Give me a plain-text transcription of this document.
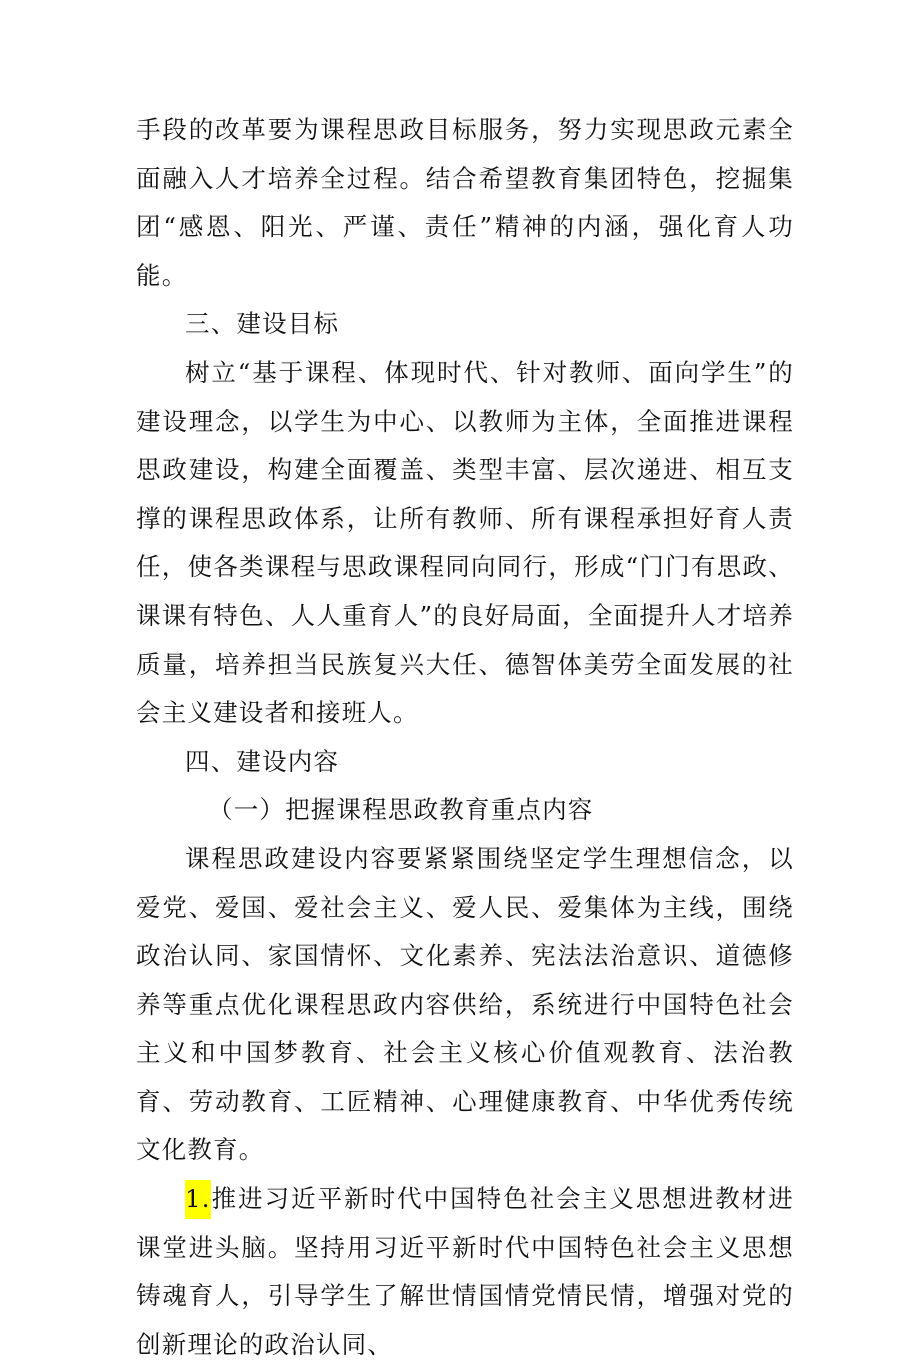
手段的改革要为课程思政目标服务，努力实现思政元素全面融入人才培养全过程。结合希望教育集团特色，挖掘集团“感恩、阳光、严谨、责任”精神的内涵，强化育人功能。

三、建设目标

树立“基于课程、体现时代、针对教师、面向学生”的建设理念，以学生为中心、以教师为主体，全面推进课程思政建设，构建全面覆盖、类型丰富、层次递进、相互支撑的课程思政体系，让所有教师、所有课程承担好育人责任，使各类课程与思政课程同向同行，形成“门门有思政、课课有特色、人人重育人”的良好局面，全面提升人才培养质量，培养担当民族复兴大任、德智体美劳全面发展的社会主义建设者和接班人。

四、建设内容

（一）把握课程思政教育重点内容

课程思政建设内容要紧紧围绕坚定学生理想信念，以爱党、爱国、爱社会主义、爱人民、爱集体为主线，围绕政治认同、家国情怀、文化素养、宪法法治意识、道德修养等重点优化课程思政内容供给，系统进行中国特色社会主义和中国梦教育、社会主义核心价值观教育、法治教育、劳动教育、工匠精神、心理健康教育、中华优秀传统文化教育。

1.推进习近平新时代中国特色社会主义思想进教材进课堂进头脑。坚持用习近平新时代中国特色社会主义思想铸魂育人，引导学生了解世情国情党情民情，增强对党的创新理论的政治认同、
